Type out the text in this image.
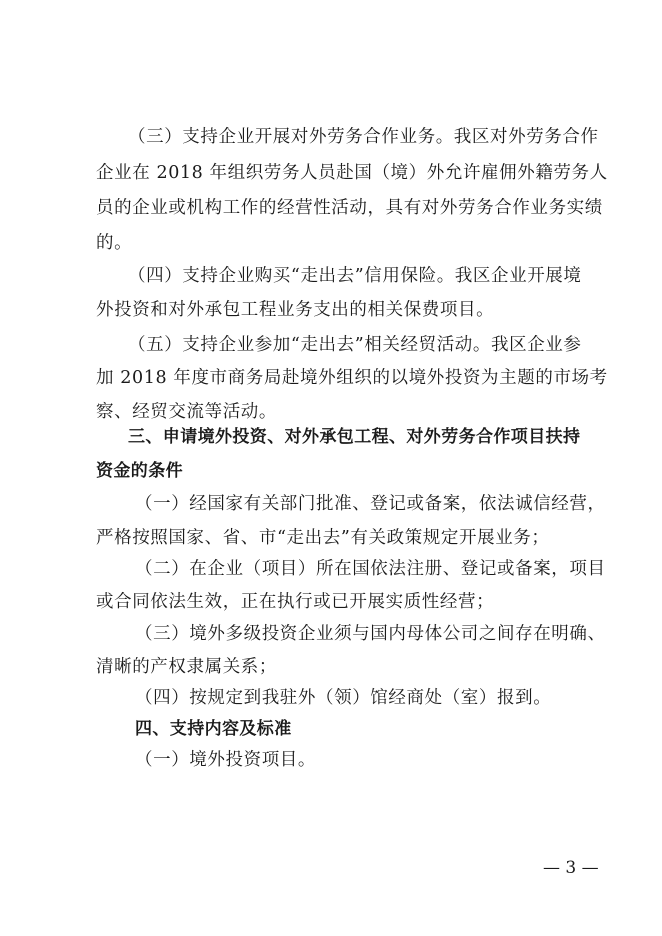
（三）支持企业开展对外劳务合作业务。我区对外劳务合作
企业在 2018 年组织劳务人员赴国（境）外允许雇佣外籍劳务人
员的企业或机构工作的经营性活动，具有对外劳务合作业务实绩
的。
（四）支持企业购买“走出去”信用保险。我区企业开展境
外投资和对外承包工程业务支出的相关保费项目。
（五）支持企业参加“走出去”相关经贸活动。我区企业参
加 2018 年度市商务局赴境外组织的以境外投资为主题的市场考
察、经贸交流等活动。
三、申请境外投资、对外承包工程、对外劳务合作项目扶持
资金的条件
（一）经国家有关部门批准、登记或备案，依法诚信经营，
严格按照国家、省、市“走出去”有关政策规定开展业务；
（二）在企业（项目）所在国依法注册、登记或备案，项目
或合同依法生效，正在执行或已开展实质性经营；
（三）境外多级投资企业须与国内母体公司之间存在明确、
清晰的产权隶属关系；
（四）按规定到我驻外（领）馆经商处（室）报到。
四、支持内容及标准
（一）境外投资项目。
— 3 —
